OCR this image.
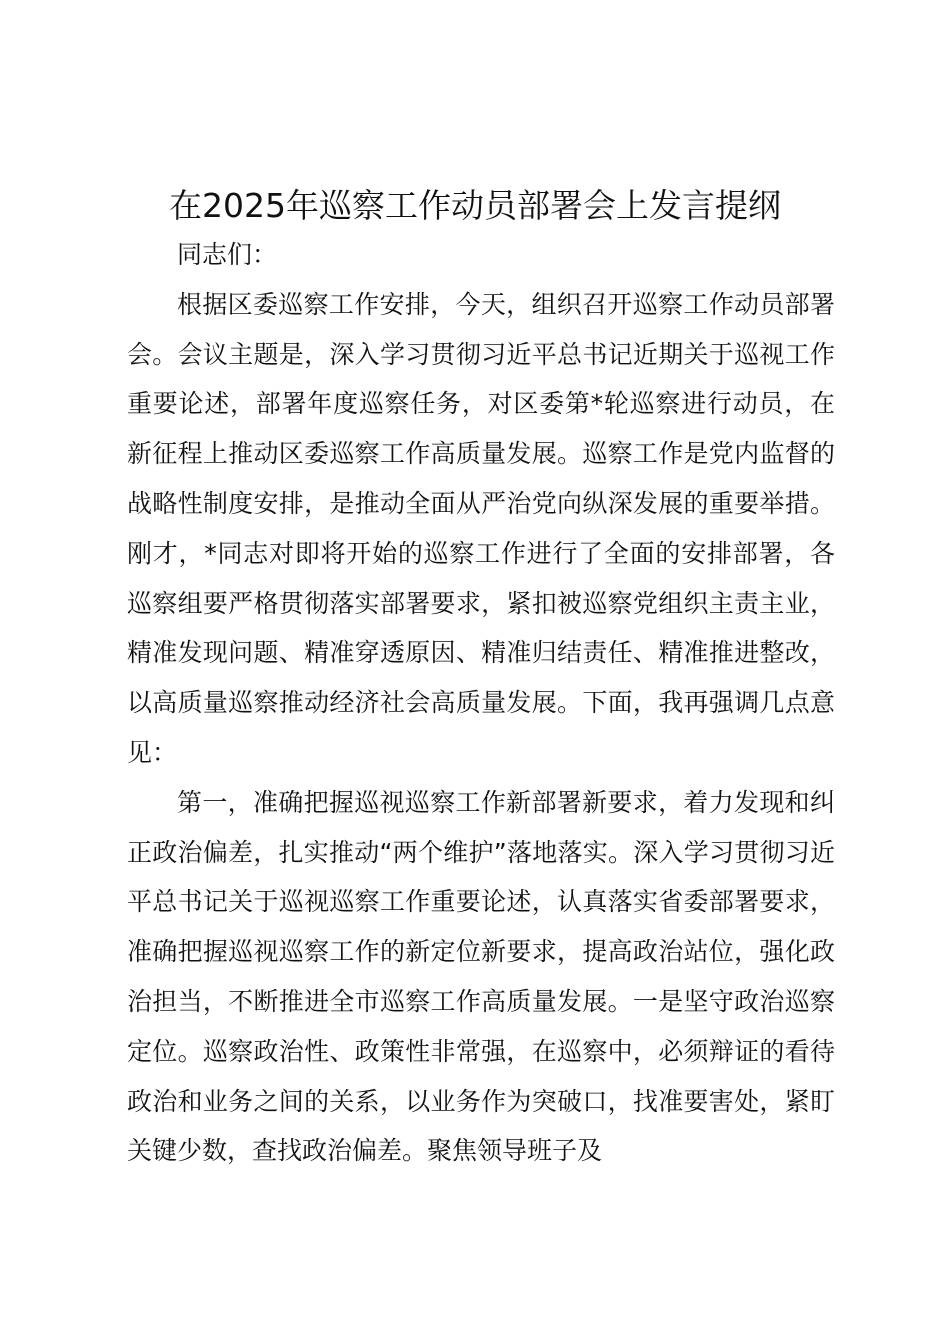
在2025年巡察工作动员部署会上发言提纲

同志们：

根据区委巡察工作安排，今天，组织召开巡察工作动员部署会。会议主题是，深入学习贯彻习近平总书记近期关于巡视工作重要论述，部署年度巡察任务，对区委第*轮巡察进行动员，在新征程上推动区委巡察工作高质量发展。巡察工作是党内监督的战略性制度安排，是推动全面从严治党向纵深发展的重要举措。刚才，*同志对即将开始的巡察工作进行了全面的安排部署，各巡察组要严格贯彻落实部署要求，紧扣被巡察党组织主责主业，精准发现问题、精准穿透原因、精准归结责任、精准推进整改，以高质量巡察推动经济社会高质量发展。下面，我再强调几点意见：

第一，准确把握巡视巡察工作新部署新要求，着力发现和纠正政治偏差，扎实推动“两个维护”落地落实。深入学习贯彻习近平总书记关于巡视巡察工作重要论述，认真落实省委部署要求，准确把握巡视巡察工作的新定位新要求，提高政治站位，强化政治担当，不断推进全市巡察工作高质量发展。一是坚守政治巡察定位。巡察政治性、政策性非常强，在巡察中，必须辩证的看待政治和业务之间的关系，以业务作为突破口，找准要害处，紧盯关键少数，查找政治偏差。聚焦领导班子及
